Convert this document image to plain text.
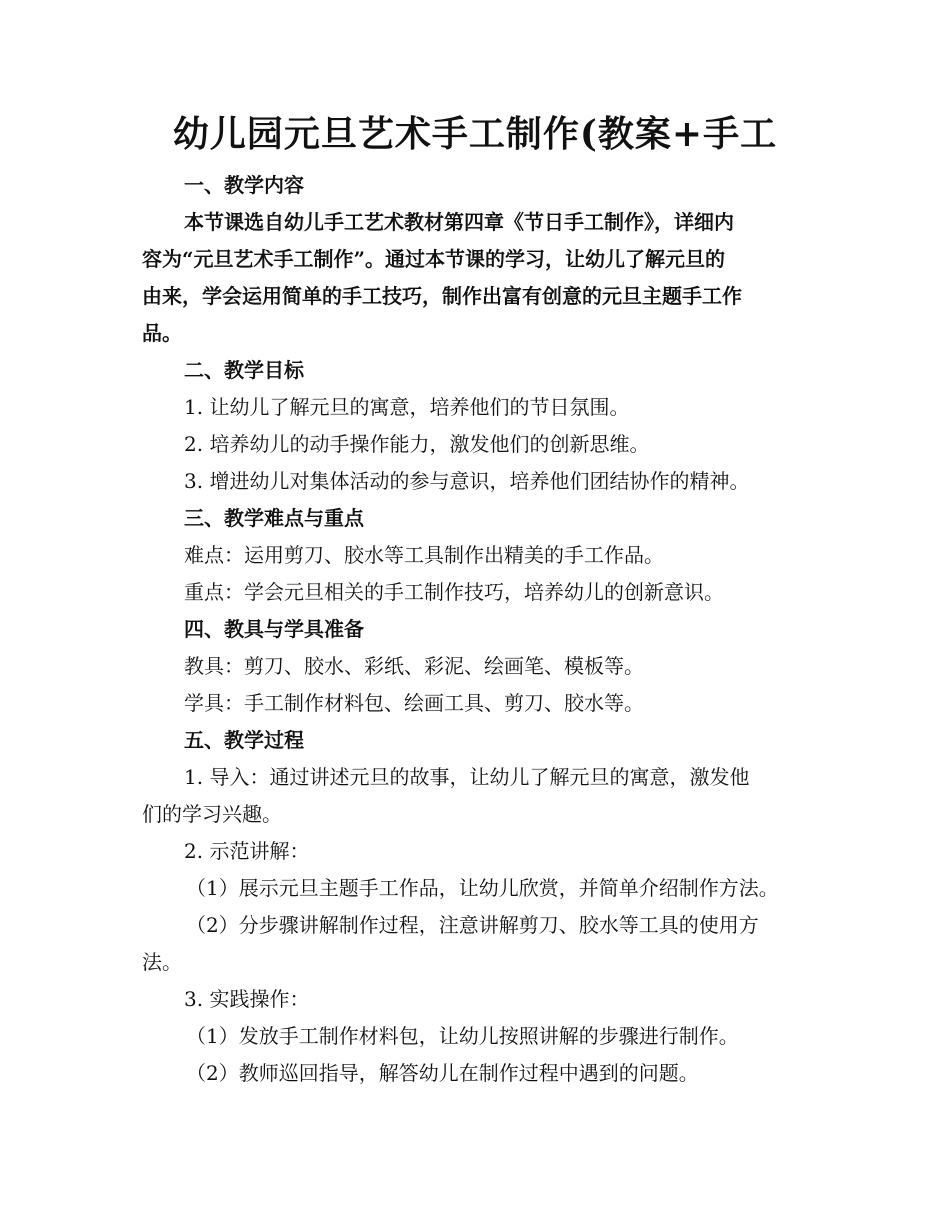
幼儿园元旦艺术手工制作(教案+手工
一、教学内容
本节课选自幼儿手工艺术教材第四章《节日手工制作》，详细内
容为“元旦艺术手工制作”。通过本节课的学习，让幼儿了解元旦的
由来，学会运用简单的手工技巧，制作出富有创意的元旦主题手工作
品。
二、教学目标
1. 让幼儿了解元旦的寓意，培养他们的节日氛围。
2. 培养幼儿的动手操作能力，激发他们的创新思维。
3. 增进幼儿对集体活动的参与意识，培养他们团结协作的精神。
三、教学难点与重点
难点：运用剪刀、胶水等工具制作出精美的手工作品。
重点：学会元旦相关的手工制作技巧，培养幼儿的创新意识。
四、教具与学具准备
教具：剪刀、胶水、彩纸、彩泥、绘画笔、模板等。
学具：手工制作材料包、绘画工具、剪刀、胶水等。
五、教学过程
1. 导入：通过讲述元旦的故事，让幼儿了解元旦的寓意，激发他
们的学习兴趣。
2. 示范讲解：
（1）展示元旦主题手工作品，让幼儿欣赏，并简单介绍制作方法。
（2）分步骤讲解制作过程，注意讲解剪刀、胶水等工具的使用方
法。
3. 实践操作：
（1）发放手工制作材料包，让幼儿按照讲解的步骤进行制作。
（2）教师巡回指导，解答幼儿在制作过程中遇到的问题。
